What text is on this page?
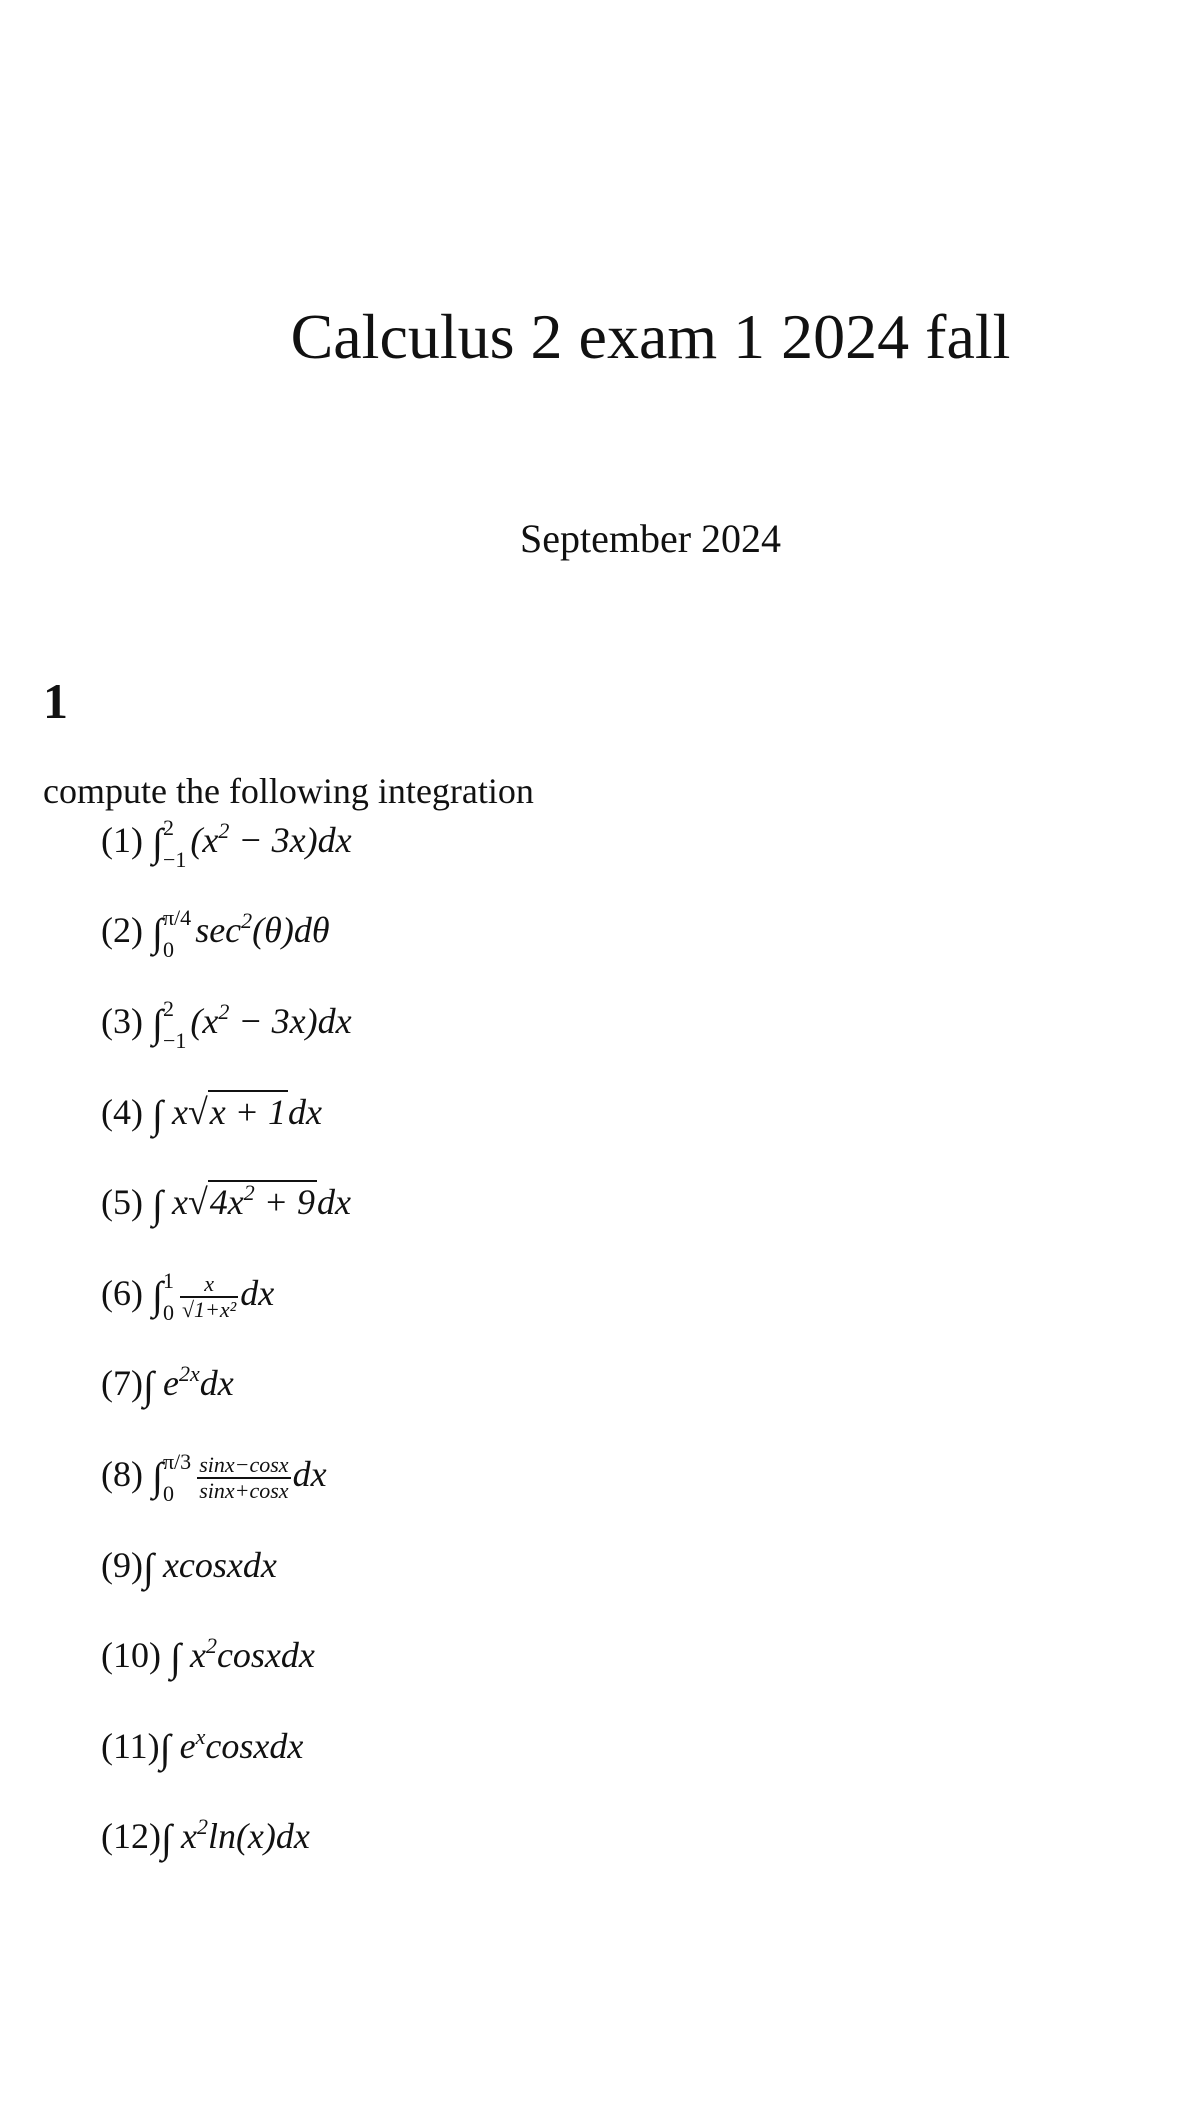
Calculus 2 exam 1 2024 fall
September 2024
1
compute the following integration
(1) ∫ 2
−1 $(x^2 - 3x)dx$
(2) ∫ π/4
0 $\sec^2(\theta)d\theta$
(3) ∫ 2
−1 $(x^2 - 3x)dx$
(4) ∫ x√x + 1dx
(5) ∫ $x√4x^2 + 9dx$
(6) ∫ 1
$0 \frac{x}{\text{√1+x²}}$ dx
(7)∫ $e^{2x}dx$
(8) ∫ π/3
0	$\frac{\sin x-\cos x}{\sin x+\cos x}$ dx
(9)∫ xcosxdx
(10) ∫ $x^2cosxdx$
(11)∫ $e^xcosxdx$
(12)∫ $x^2\ln(x)dx$
